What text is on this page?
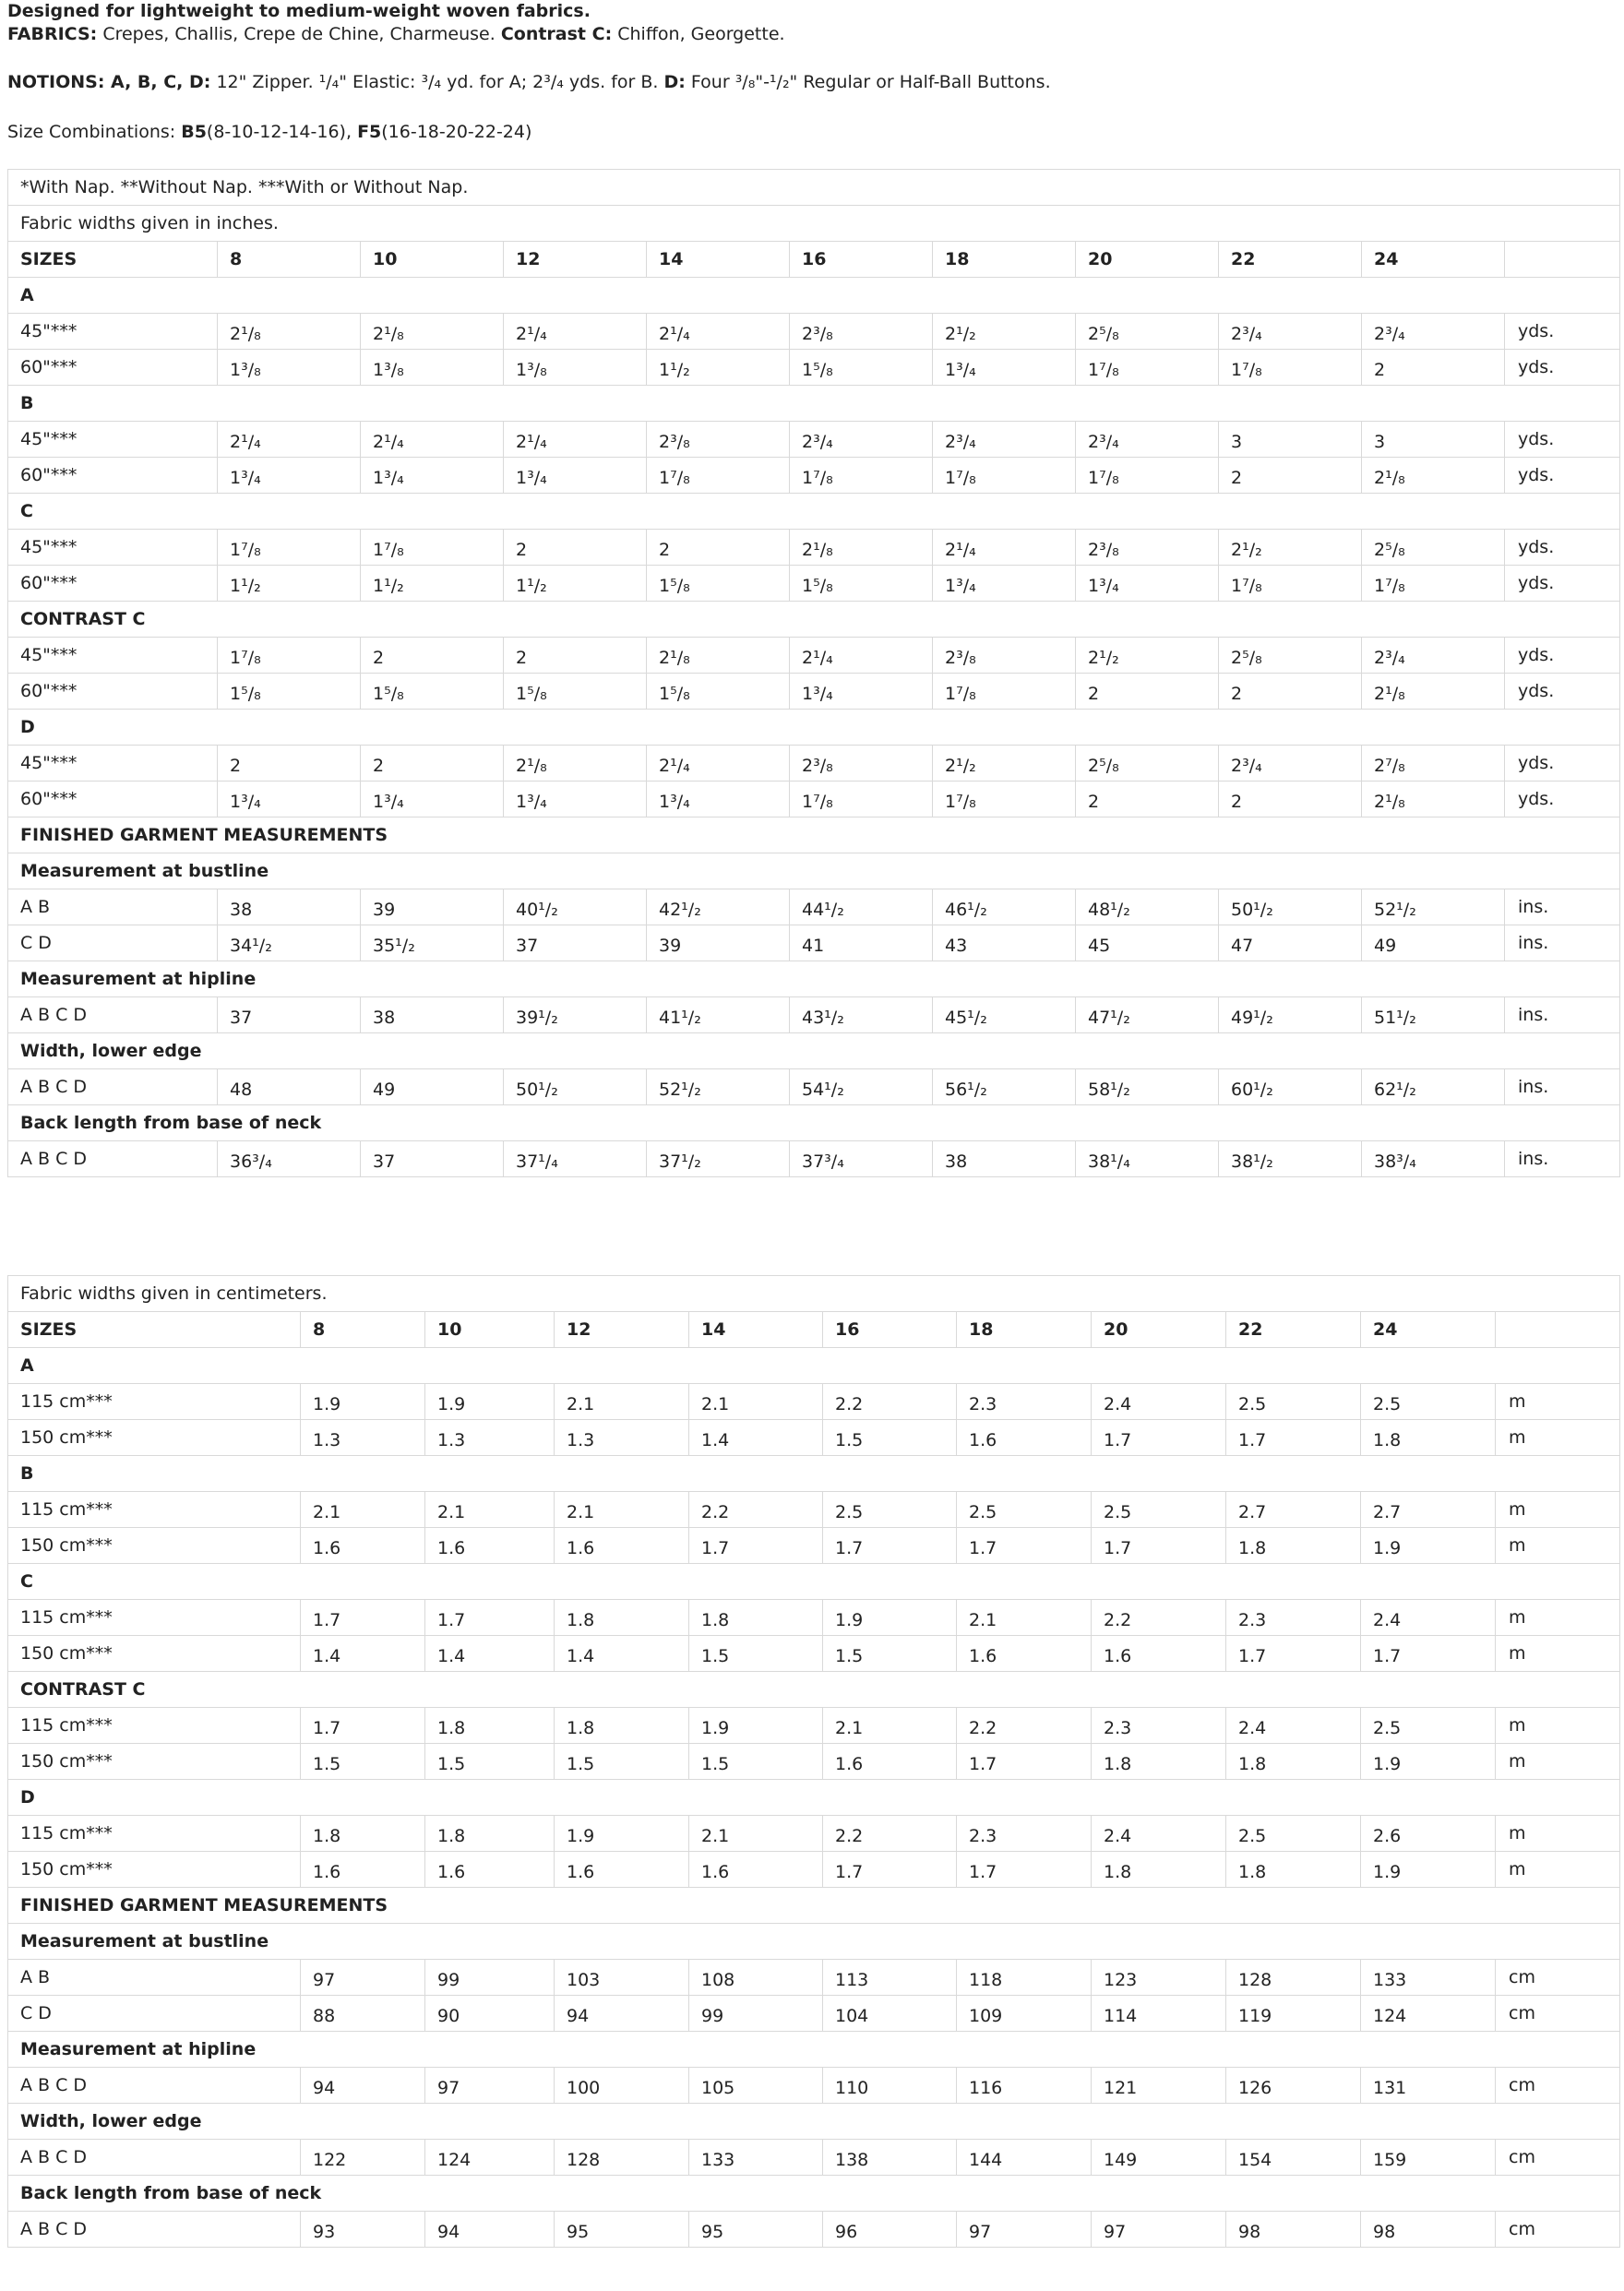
Designed for lightweight to medium-weight woven fabrics.
FABRICS: Crepes, Challis, Crepe de Chine, Charmeuse. Contrast C: Chiffon, Georgette.
NOTIONS: A, B, C, D: 12" Zipper. ¹/₄" Elastic: ³/₄ yd. for A; 2³/₄ yds. for B. D: Four ³/₈"-¹/₂" Regular or Half-Ball Buttons.
Size Combinations: B5(8-10-12-14-16), F5(16-18-20-22-24)
*With Nap. **Without Nap. ***With or Without Nap.										
Fabric widths given in inches.										
SIZES	8	10	12	14	16	18	20	22	24	
A										
45"***	2¹/₈	2¹/₈	2¹/₄	2¹/₄	2³/₈	2¹/₂	2⁵/₈	2³/₄	2³/₄	yds.
60"***	1³/₈	1³/₈	1³/₈	1¹/₂	1⁵/₈	1³/₄	1⁷/₈	1⁷/₈	2	yds.
B										
45"***	2¹/₄	2¹/₄	2¹/₄	2³/₈	2³/₄	2³/₄	2³/₄	3	3	yds.
60"***	1³/₄	1³/₄	1³/₄	1⁷/₈	1⁷/₈	1⁷/₈	1⁷/₈	2	2¹/₈	yds.
C										
45"***	1⁷/₈	1⁷/₈	2	2	2¹/₈	2¹/₄	2³/₈	2¹/₂	2⁵/₈	yds.
60"***	1¹/₂	1¹/₂	1¹/₂	1⁵/₈	1⁵/₈	1³/₄	1³/₄	1⁷/₈	1⁷/₈	yds.
CONTRAST C										
45"***	1⁷/₈	2	2	2¹/₈	2¹/₄	2³/₈	2¹/₂	2⁵/₈	2³/₄	yds.
60"***	1⁵/₈	1⁵/₈	1⁵/₈	1⁵/₈	1³/₄	1⁷/₈	2	2	2¹/₈	yds.
D										
45"***	2	2	2¹/₈	2¹/₄	2³/₈	2¹/₂	2⁵/₈	2³/₄	2⁷/₈	yds.
60"***	1³/₄	1³/₄	1³/₄	1³/₄	1⁷/₈	1⁷/₈	2	2	2¹/₈	yds.
FINISHED GARMENT MEASUREMENTS										
Measurement at bustline										
A B	38	39	40¹/₂	42¹/₂	44¹/₂	46¹/₂	48¹/₂	50¹/₂	52¹/₂	ins.
C D	34¹/₂	35¹/₂	37	39	41	43	45	47	49	ins.
Measurement at hipline										
A B C D	37	38	39¹/₂	41¹/₂	43¹/₂	45¹/₂	47¹/₂	49¹/₂	51¹/₂	ins.
Width, lower edge										
A B C D	48	49	50¹/₂	52¹/₂	54¹/₂	56¹/₂	58¹/₂	60¹/₂	62¹/₂	ins.
Back length from base of neck										
A B C D	36³/₄	37	37¹/₄	37¹/₂	37³/₄	38	38¹/₄	38¹/₂	38³/₄	ins.
Fabric widths given in centimeters.										
SIZES	8	10	12	14	16	18	20	22	24	
A										
115 cm***	1.9	1.9	2.1	2.1	2.2	2.3	2.4	2.5	2.5	m
150 cm***	1.3	1.3	1.3	1.4	1.5	1.6	1.7	1.7	1.8	m
B										
115 cm***	2.1	2.1	2.1	2.2	2.5	2.5	2.5	2.7	2.7	m
150 cm***	1.6	1.6	1.6	1.7	1.7	1.7	1.7	1.8	1.9	m
C										
115 cm***	1.7	1.7	1.8	1.8	1.9	2.1	2.2	2.3	2.4	m
150 cm***	1.4	1.4	1.4	1.5	1.5	1.6	1.6	1.7	1.7	m
CONTRAST C										
115 cm***	1.7	1.8	1.8	1.9	2.1	2.2	2.3	2.4	2.5	m
150 cm***	1.5	1.5	1.5	1.5	1.6	1.7	1.8	1.8	1.9	m
D										
115 cm***	1.8	1.8	1.9	2.1	2.2	2.3	2.4	2.5	2.6	m
150 cm***	1.6	1.6	1.6	1.6	1.7	1.7	1.8	1.8	1.9	m
FINISHED GARMENT MEASUREMENTS										
Measurement at bustline										
A B	97	99	103	108	113	118	123	128	133	cm
C D	88	90	94	99	104	109	114	119	124	cm
Measurement at hipline										
A B C D	94	97	100	105	110	116	121	126	131	cm
Width, lower edge										
A B C D	122	124	128	133	138	144	149	154	159	cm
Back length from base of neck										
A B C D	93	94	95	95	96	97	97	98	98	cm
